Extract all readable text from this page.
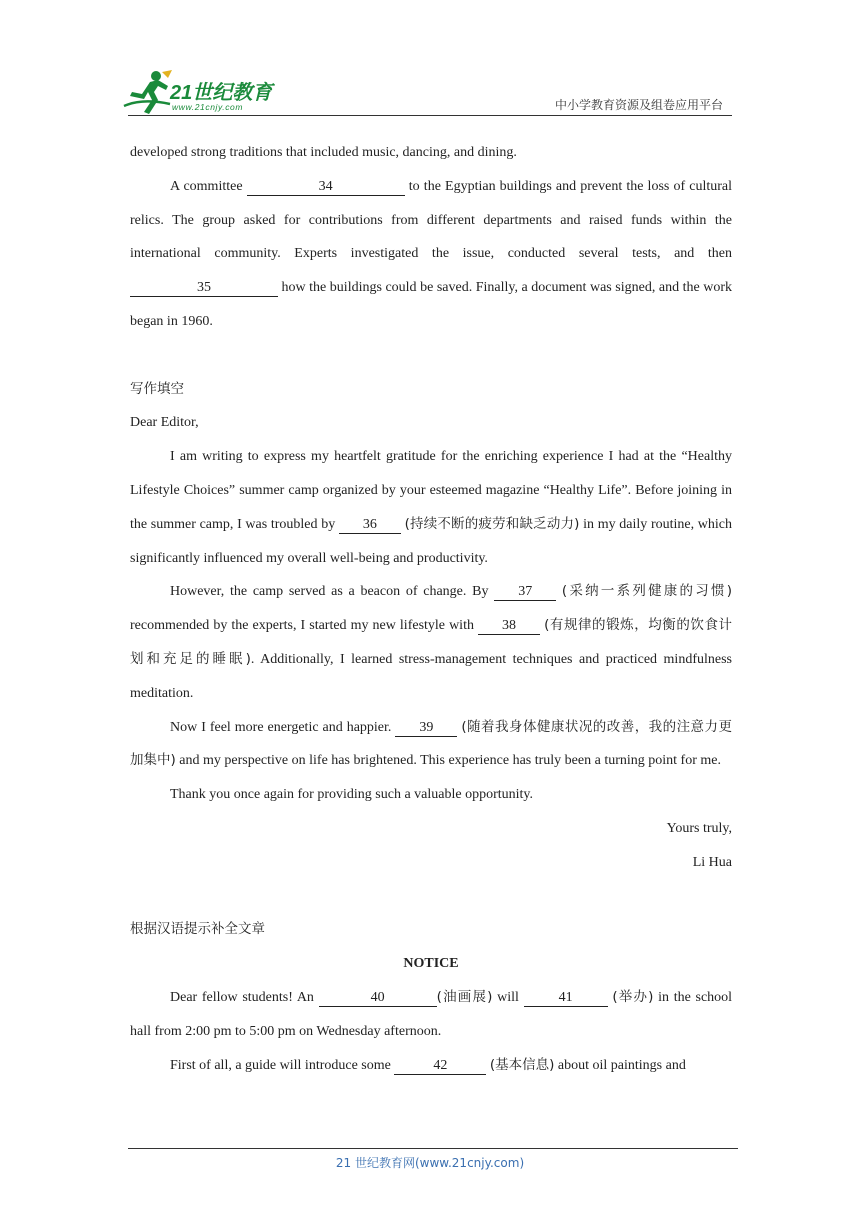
21世纪教育
www.21cnjy.com	中小学教育资源及组卷应用平台

developed strong traditions that included music, dancing, and dining.

A committee	34	to the Egyptian buildings and prevent the loss of cultural relics. The group asked for contributions from different departments and raised funds within the international community. Experts investigated the issue, conducted several tests, and then 35	how the buildings could be saved. Finally, a document was signed, and the work began in 1960.

写作填空

Dear Editor,

I am writing to express my heartfelt gratitude for the enriching experience I had at the “Healthy Lifestyle Choices” summer camp organized by your esteemed magazine “Healthy Life”. Before joining in the summer camp, I was troubled by 36 (持续不断的疲劳和缺乏动力) in my daily routine, which significantly influenced my overall well-being and productivity.

However, the camp served as a beacon of change. By 37 (采纳一系列健康的习惯) recommended by the experts, I started my new lifestyle with 38 (有规律的锻炼，均衡的饮食计划和充足的睡眠). Additionally, I learned stress-management techniques and practiced mindfulness meditation.

Now I feel more energetic and happier. 39 (随着我身体健康状况的改善，我的注意力更加集中) and my perspective on life has brightened. This experience has truly been a turning point for me.

Thank you once again for providing such a valuable opportunity.

Yours truly,

Li Hua

根据汉语提示补全文章

NOTICE

Dear fellow students! An	40	(油画展) will	41	(举办) in the school hall from 2:00 pm to 5:00 pm on Wednesday afternoon.

First of all, a guide will introduce some	42	(基本信息) about oil paintings and

21 世纪教育网(www.21cnjy.com)
